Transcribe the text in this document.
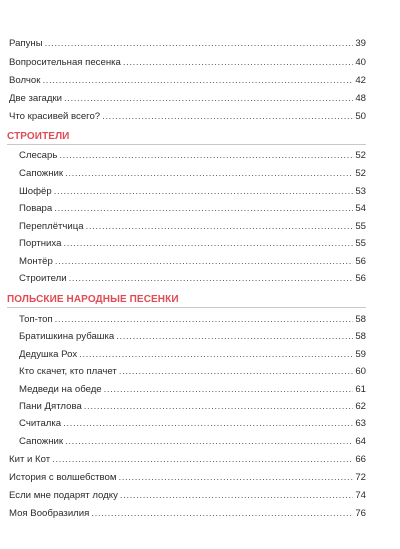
Рапуны .....	39
Вопросительная песенка .....	40
Волчок .....	42
Две загадки .....	48
Что красивей всего? .....	50
СТРОИТЕЛИ
Слесарь .....	52
Сапожник .....	52
Шофёр .....	53
Повара .....	54
Переплётчица .....	55
Портниха .....	55
Монтёр .....	56
Строители .....	56
ПОЛЬСКИЕ НАРОДНЫЕ ПЕСЕНКИ
Топ-топ .....	58
Братишкина рубашка .....	58
Дедушка Рох .....	59
Кто скачет, кто плачет .....	60
Медведи на обеде .....	61
Пани Дятлова .....	62
Считалка .....	63
Сапожник .....	64
Кит и Кот .....	66
История с волшебством .....	72
Если мне подарят лодку .....	74
Моя Вообразилия .....	76
